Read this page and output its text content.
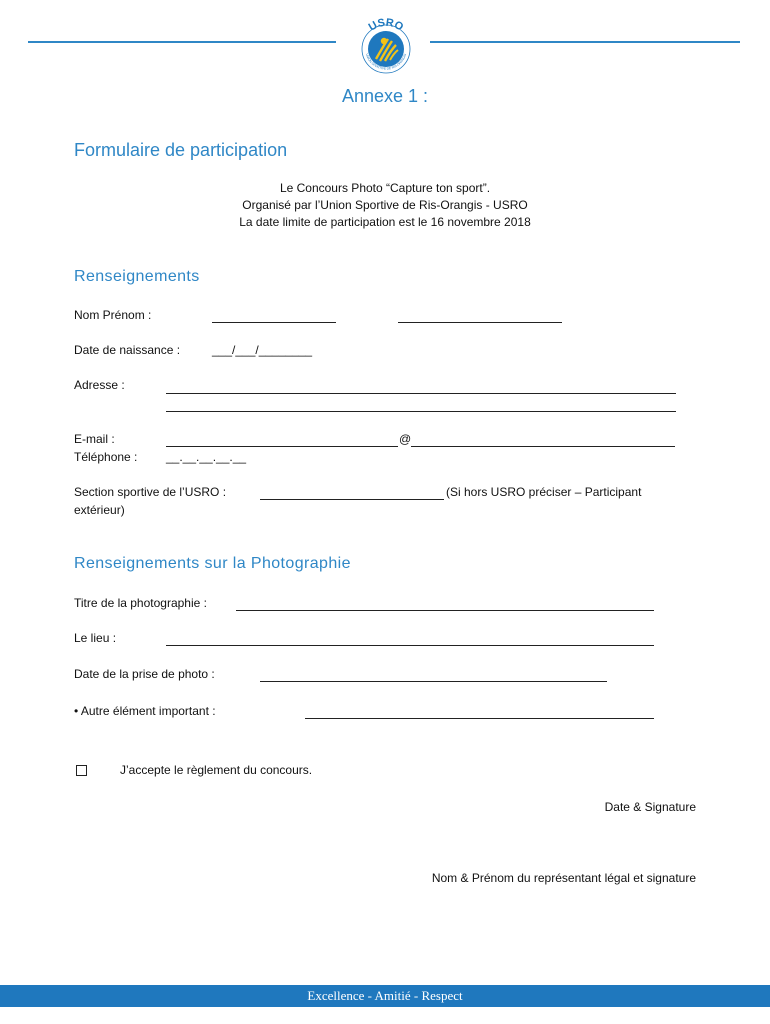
USRO
UNION SPORTIVE DE RIS-ORANGIS
Annexe 1 :
Formulaire de participation
Le Concours Photo “Capture ton sport”.
Organisé par l’Union Sportive de Ris-Orangis - USRO
La date limite de participation est le 16 novembre 2018
Renseignements
Nom Prénom :
Date de naissance :	___/___/________
Adresse :
E-mail :	@
Téléphone : __.__.__.__.__
Section sportive de l’USRO :	(Si hors USRO préciser – Participant
extérieur)
Renseignements sur la Photographie
Titre de la photographie :
Le lieu :
Date de la prise de photo :
• Autre élément important :
J’accepte le règlement du concours.
Date & Signature
Nom & Prénom du représentant légal et signature
Excellence - Amitié - Respect
